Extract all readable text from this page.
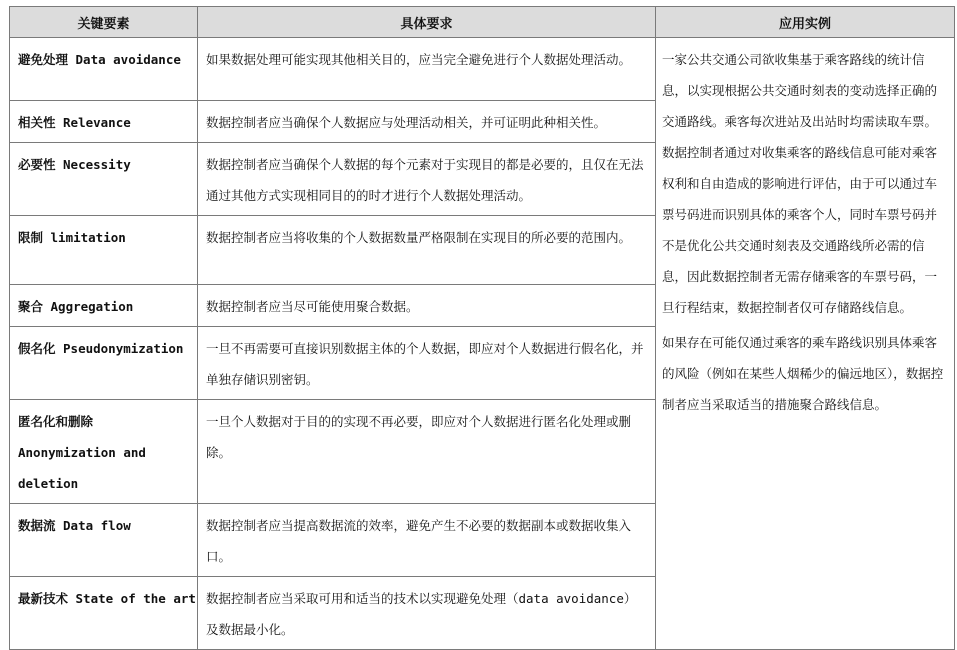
关键要素	具体要求	应用实例
避免处理 Data avoidance	如果数据处理可能实现其他相关目的，应当完全避免进行个人数据处理活动。	一家公共交通公司欲收集基于乘客路线的统计信息，以实现根据公共交通时刻表的变动选择正确的交通路线。乘客每次进站及出站时均需读取车票。数据控制者通过对收集乘客的路线信息可能对乘客权利和自由造成的影响进行评估，由于可以通过车票号码进而识别具体的乘客个人，同时车票号码并不是优化公共交通时刻表及交通路线所必需的信息，因此数据控制者无需存储乘客的车票号码，一旦行程结束，数据控制者仅可存储路线信息。

如果存在可能仅通过乘客的乘车路线识别具体乘客的风险（例如在某些人烟稀少的偏远地区），数据控制者应当采取适当的措施聚合路线信息。

相关性 Relevance	数据控制者应当确保个人数据应与处理活动相关，并可证明此种相关性。	
必要性 Necessity	数据控制者应当确保个人数据的每个元素对于实现目的都是必要的，且仅在无法通过其他方式实现相同目的的时才进行个人数据处理活动。	
限制 limitation	数据控制者应当将收集的个人数据数量严格限制在实现目的所必要的范围内。	
聚合 Aggregation	数据控制者应当尽可能使用聚合数据。	
假名化 Pseudonymization	一旦不再需要可直接识别数据主体的个人数据，即应对个人数据进行假名化，并单独存储识别密钥。	
匿名化和删除 Anonymization and deletion	一旦个人数据对于目的的实现不再必要，即应对个人数据进行匿名化处理或删除。	
数据流 Data flow	数据控制者应当提高数据流的效率，避免产生不必要的数据副本或数据收集入口。	
最新技术 State of the art	数据控制者应当采取可用和适当的技术以实现避免处理（data avoidance）及数据最小化。	
